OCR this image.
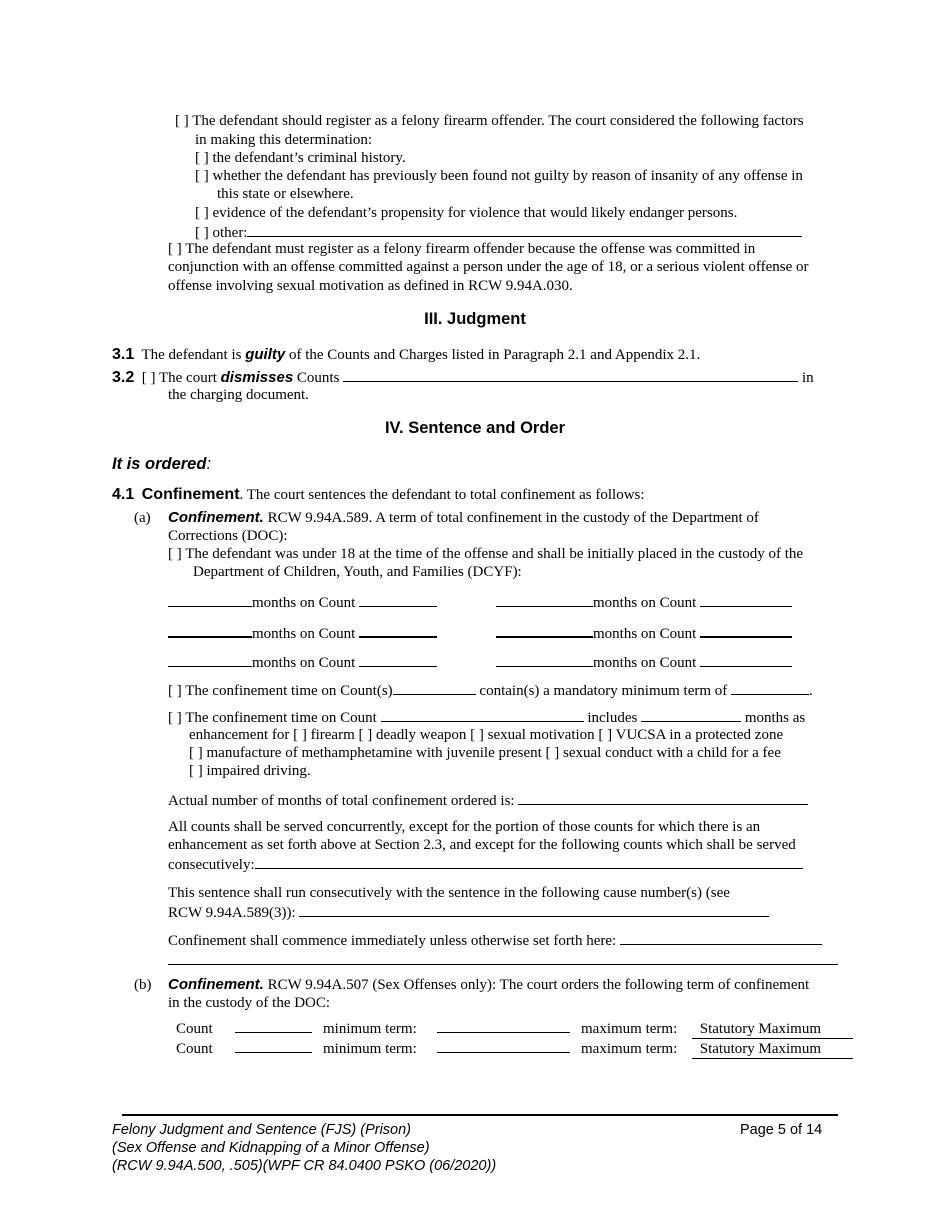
[ ] The defendant should register as a felony firearm offender. The court considered the following factors
in making this determination:
[ ] the defendant’s criminal history.
[ ] whether the defendant has previously been found not guilty by reason of insanity of any offense in
this state or elsewhere.
[ ] evidence of the defendant’s propensity for violence that would likely endanger persons.
[ ] other:
[ ] The defendant must register as a felony firearm offender because the offense was committed in
conjunction with an offense committed against a person under the age of 18, or a serious violent offense or
offense involving sexual motivation as defined in RCW 9.94A.030.
III. Judgment
3.1 The defendant is guilty of the Counts and Charges listed in Paragraph 2.1 and Appendix 2.1.
3.2 [ ] The court dismisses Counts	in
the charging document.
IV. Sentence and Order
It is ordered:
4.1 Confinement. The court sentences the defendant to total confinement as follows:
(a) Confinement. RCW 9.94A.589. A term of total confinement in the custody of the Department of
Corrections (DOC):
[ ] The defendant was under 18 at the time of the offense and shall be initially placed in the custody of the
Department of Children, Youth, and Families (DCYF):
months on Count	months on Count
months on Count	months on Count
months on Count	months on Count
[ ] The confinement time on Count(s)	contain(s) a mandatory minimum term of	.
[ ] The confinement time on Count	includes	months as
enhancement for [ ] firearm [ ] deadly weapon [ ] sexual motivation [ ] VUCSA in a protected zone
[ ] manufacture of methamphetamine with juvenile present [ ] sexual conduct with a child for a fee
[ ] impaired driving.
Actual number of months of total confinement ordered is:
All counts shall be served concurrently, except for the portion of those counts for which there is an
enhancement as set forth above at Section 2.3, and except for the following counts which shall be served
consecutively:
This sentence shall run consecutively with the sentence in the following cause number(s) (see
RCW 9.94A.589(3)):
Confinement shall commence immediately unless otherwise set forth here:
(b) Confinement. RCW 9.94A.507 (Sex Offenses only): The court orders the following term of confinement
in the custody of the DOC:
Count	minimum term:	maximum term: Statutory Maximum
Count	minimum term:	maximum term: Statutory Maximum
Felony Judgment and Sentence (FJS) (Prison)
(Sex Offense and Kidnapping of a Minor Offense)
(RCW 9.94A.500, .505)(WPF CR 84.0400 PSKO (06/2020))
Page 5 of 14
